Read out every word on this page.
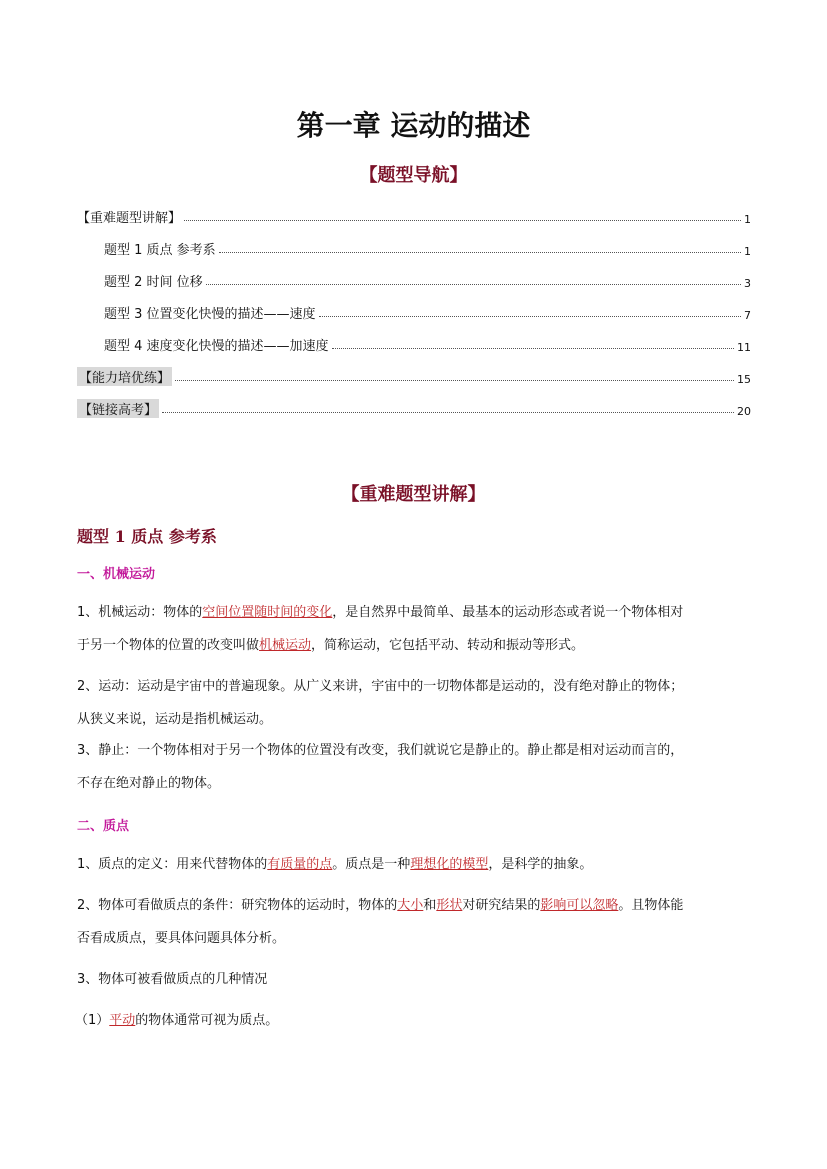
第一章 运动的描述
【题型导航】
【重难题型讲解】	1
题型 1 质点 参考系	1
题型 2 时间 位移	3
题型 3 位置变化快慢的描述——速度	7
题型 4 速度变化快慢的描述——加速度	11
【能力培优练】	15
【链接高考】	20
【重难题型讲解】
题型 1 质点 参考系
一、机械运动
1、机械运动：物体的空间位置随时间的变化，是自然界中最简单、最基本的运动形态或者说一个物体相对
于另一个物体的位置的改变叫做机械运动，简称运动，它包括平动、转动和振动等形式。
2、运动：运动是宇宙中的普遍现象。从广义来讲，宇宙中的一切物体都是运动的，没有绝对静止的物体；
从狭义来说，运动是指机械运动。
3、静止：一个物体相对于另一个物体的位置没有改变，我们就说它是静止的。静止都是相对运动而言的，
不存在绝对静止的物体。
二、质点
1、质点的定义：用来代替物体的有质量的点。质点是一种理想化的模型，是科学的抽象。
2、物体可看做质点的条件：研究物体的运动时，物体的大小和形状对研究结果的影响可以忽略。且物体能
否看成质点，要具体问题具体分析。
3、物体可被看做质点的几种情况
（1）平动的物体通常可视为质点。
